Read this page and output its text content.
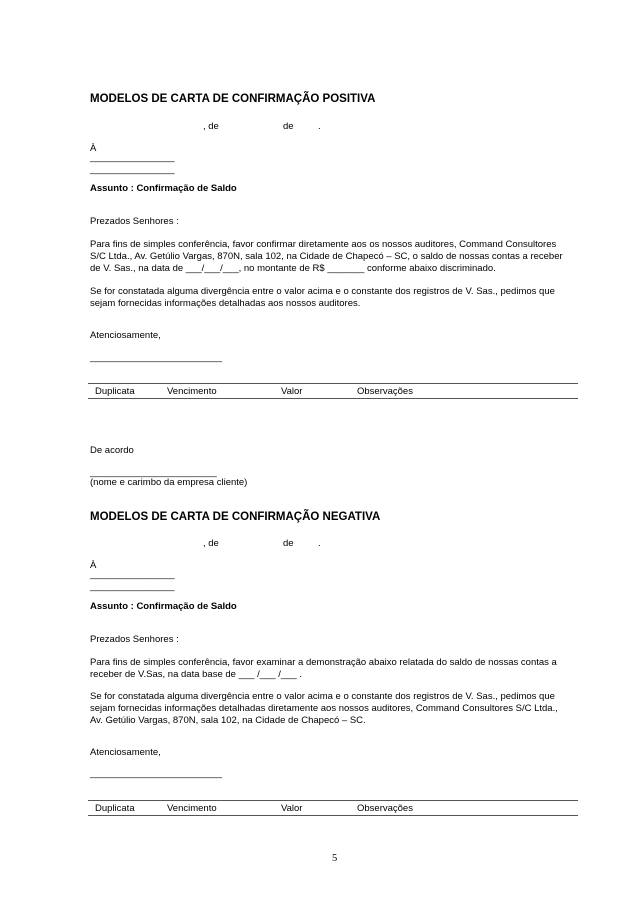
MODELOS DE CARTA DE CONFIRMAÇÃO POSITIVA
, de	de	.
À
________________
________________
Assunto : Confirmação de Saldo
Prezados Senhores :
Para fins de simples conferência, favor confirmar diretamente aos os nossos auditores, Command Consultores
S/C Ltda., Av. Getúlio Vargas, 870N, sala 102, na Cidade de Chapecó – SC, o saldo de nossas contas a receber
de V. Sas., na data de ___/___/___, no montante de R$ _______ conforme abaixo discriminado.
Se for constatada alguma divergência entre o valor acima e o constante dos registros de V. Sas., pedimos que
sejam fornecidas informações detalhadas aos nossos auditores.
Atenciosamente,
_________________________
Duplicata	Vencimento	Valor	Observações
De acordo
________________________
(nome e carimbo da empresa cliente)
MODELOS DE CARTA DE CONFIRMAÇÃO NEGATIVA
, de	de	.
À
________________
________________
Assunto : Confirmação de Saldo
Prezados Senhores :
Para fins de simples conferência, favor examinar a demonstração abaixo relatada do saldo de nossas contas a
receber de V.Sas, na data base de ___ /___ /___ .
Se for constatada alguma divergência entre o valor acima e o constante dos registros de V. Sas., pedimos que
sejam fornecidas informações detalhadas diretamente aos nossos auditores, Command Consultores S/C Ltda.,
Av. Getúlio Vargas, 870N, sala 102, na Cidade de Chapecó – SC.
Atenciosamente,
_________________________
Duplicata	Vencimento	Valor	Observações
5
